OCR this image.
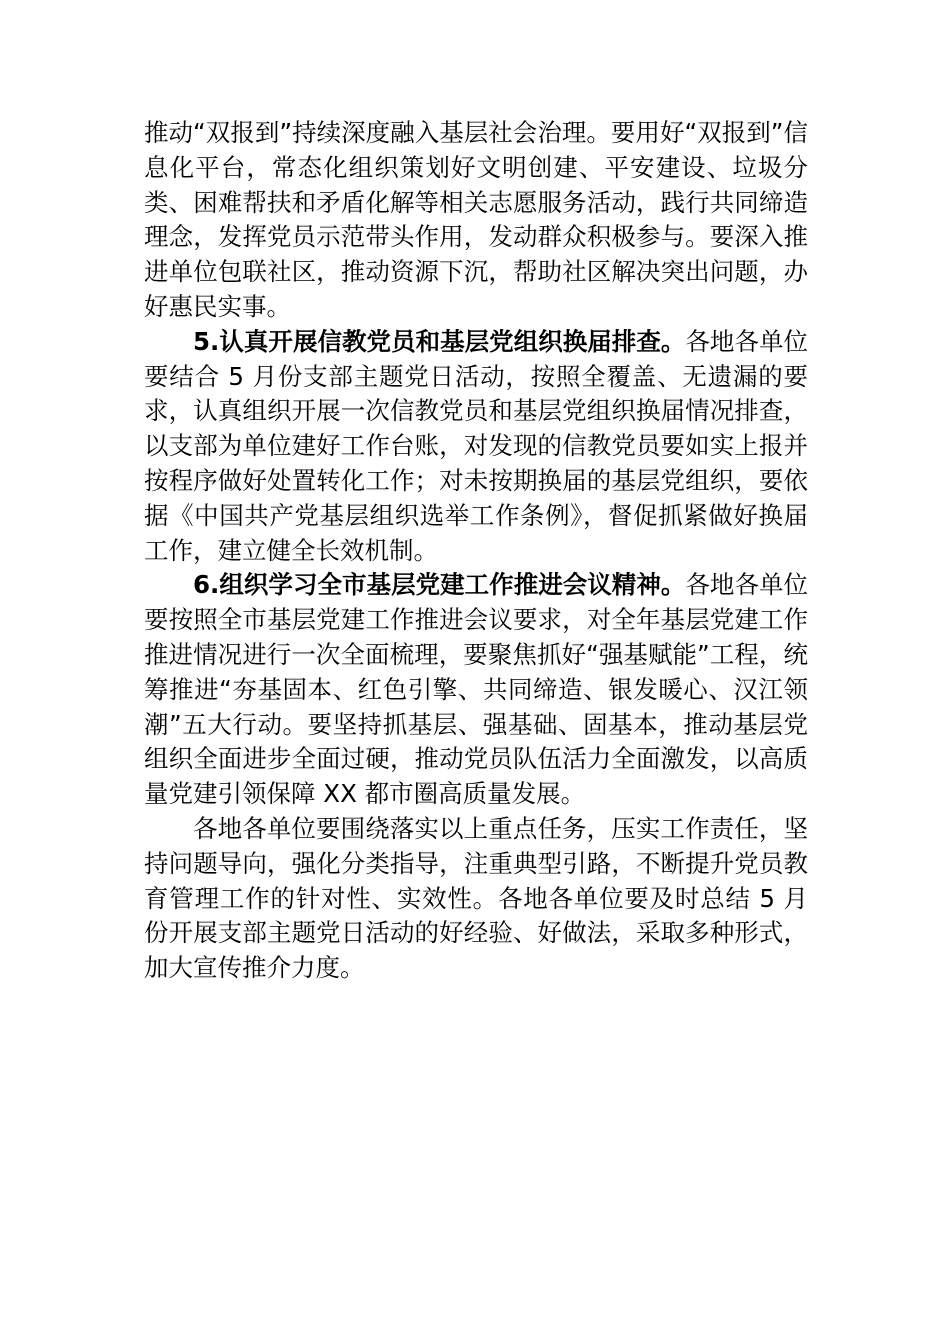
推动“双报到”持续深度融入基层社会治理。要用好“双报到”信息化平台，常态化组织策划好文明创建、平安建设、垃圾分类、困难帮扶和矛盾化解等相关志愿服务活动，践行共同缔造理念，发挥党员示范带头作用，发动群众积极参与。要深入推进单位包联社区，推动资源下沉，帮助社区解决突出问题，办好惠民实事。

5.认真开展信教党员和基层党组织换届排查。各地各单位要结合 5 月份支部主题党日活动，按照全覆盖、无遗漏的要求，认真组织开展一次信教党员和基层党组织换届情况排查，以支部为单位建好工作台账，对发现的信教党员要如实上报并按程序做好处置转化工作；对未按期换届的基层党组织，要依据《中国共产党基层组织选举工作条例》，督促抓紧做好换届工作，建立健全长效机制。

6.组织学习全市基层党建工作推进会议精神。各地各单位要按照全市基层党建工作推进会议要求，对全年基层党建工作推进情况进行一次全面梳理，要聚焦抓好“强基赋能”工程，统筹推进“夯基固本、红色引擎、共同缔造、银发暖心、汉江领潮”五大行动。要坚持抓基层、强基础、固基本，推动基层党组织全面进步全面过硬，推动党员队伍活力全面激发，以高质量党建引领保障 XX 都市圈高质量发展。

各地各单位要围绕落实以上重点任务，压实工作责任，坚持问题导向，强化分类指导，注重典型引路，不断提升党员教育管理工作的针对性、实效性。各地各单位要及时总结 5 月份开展支部主题党日活动的好经验、好做法，采取多种形式，加大宣传推介力度。
